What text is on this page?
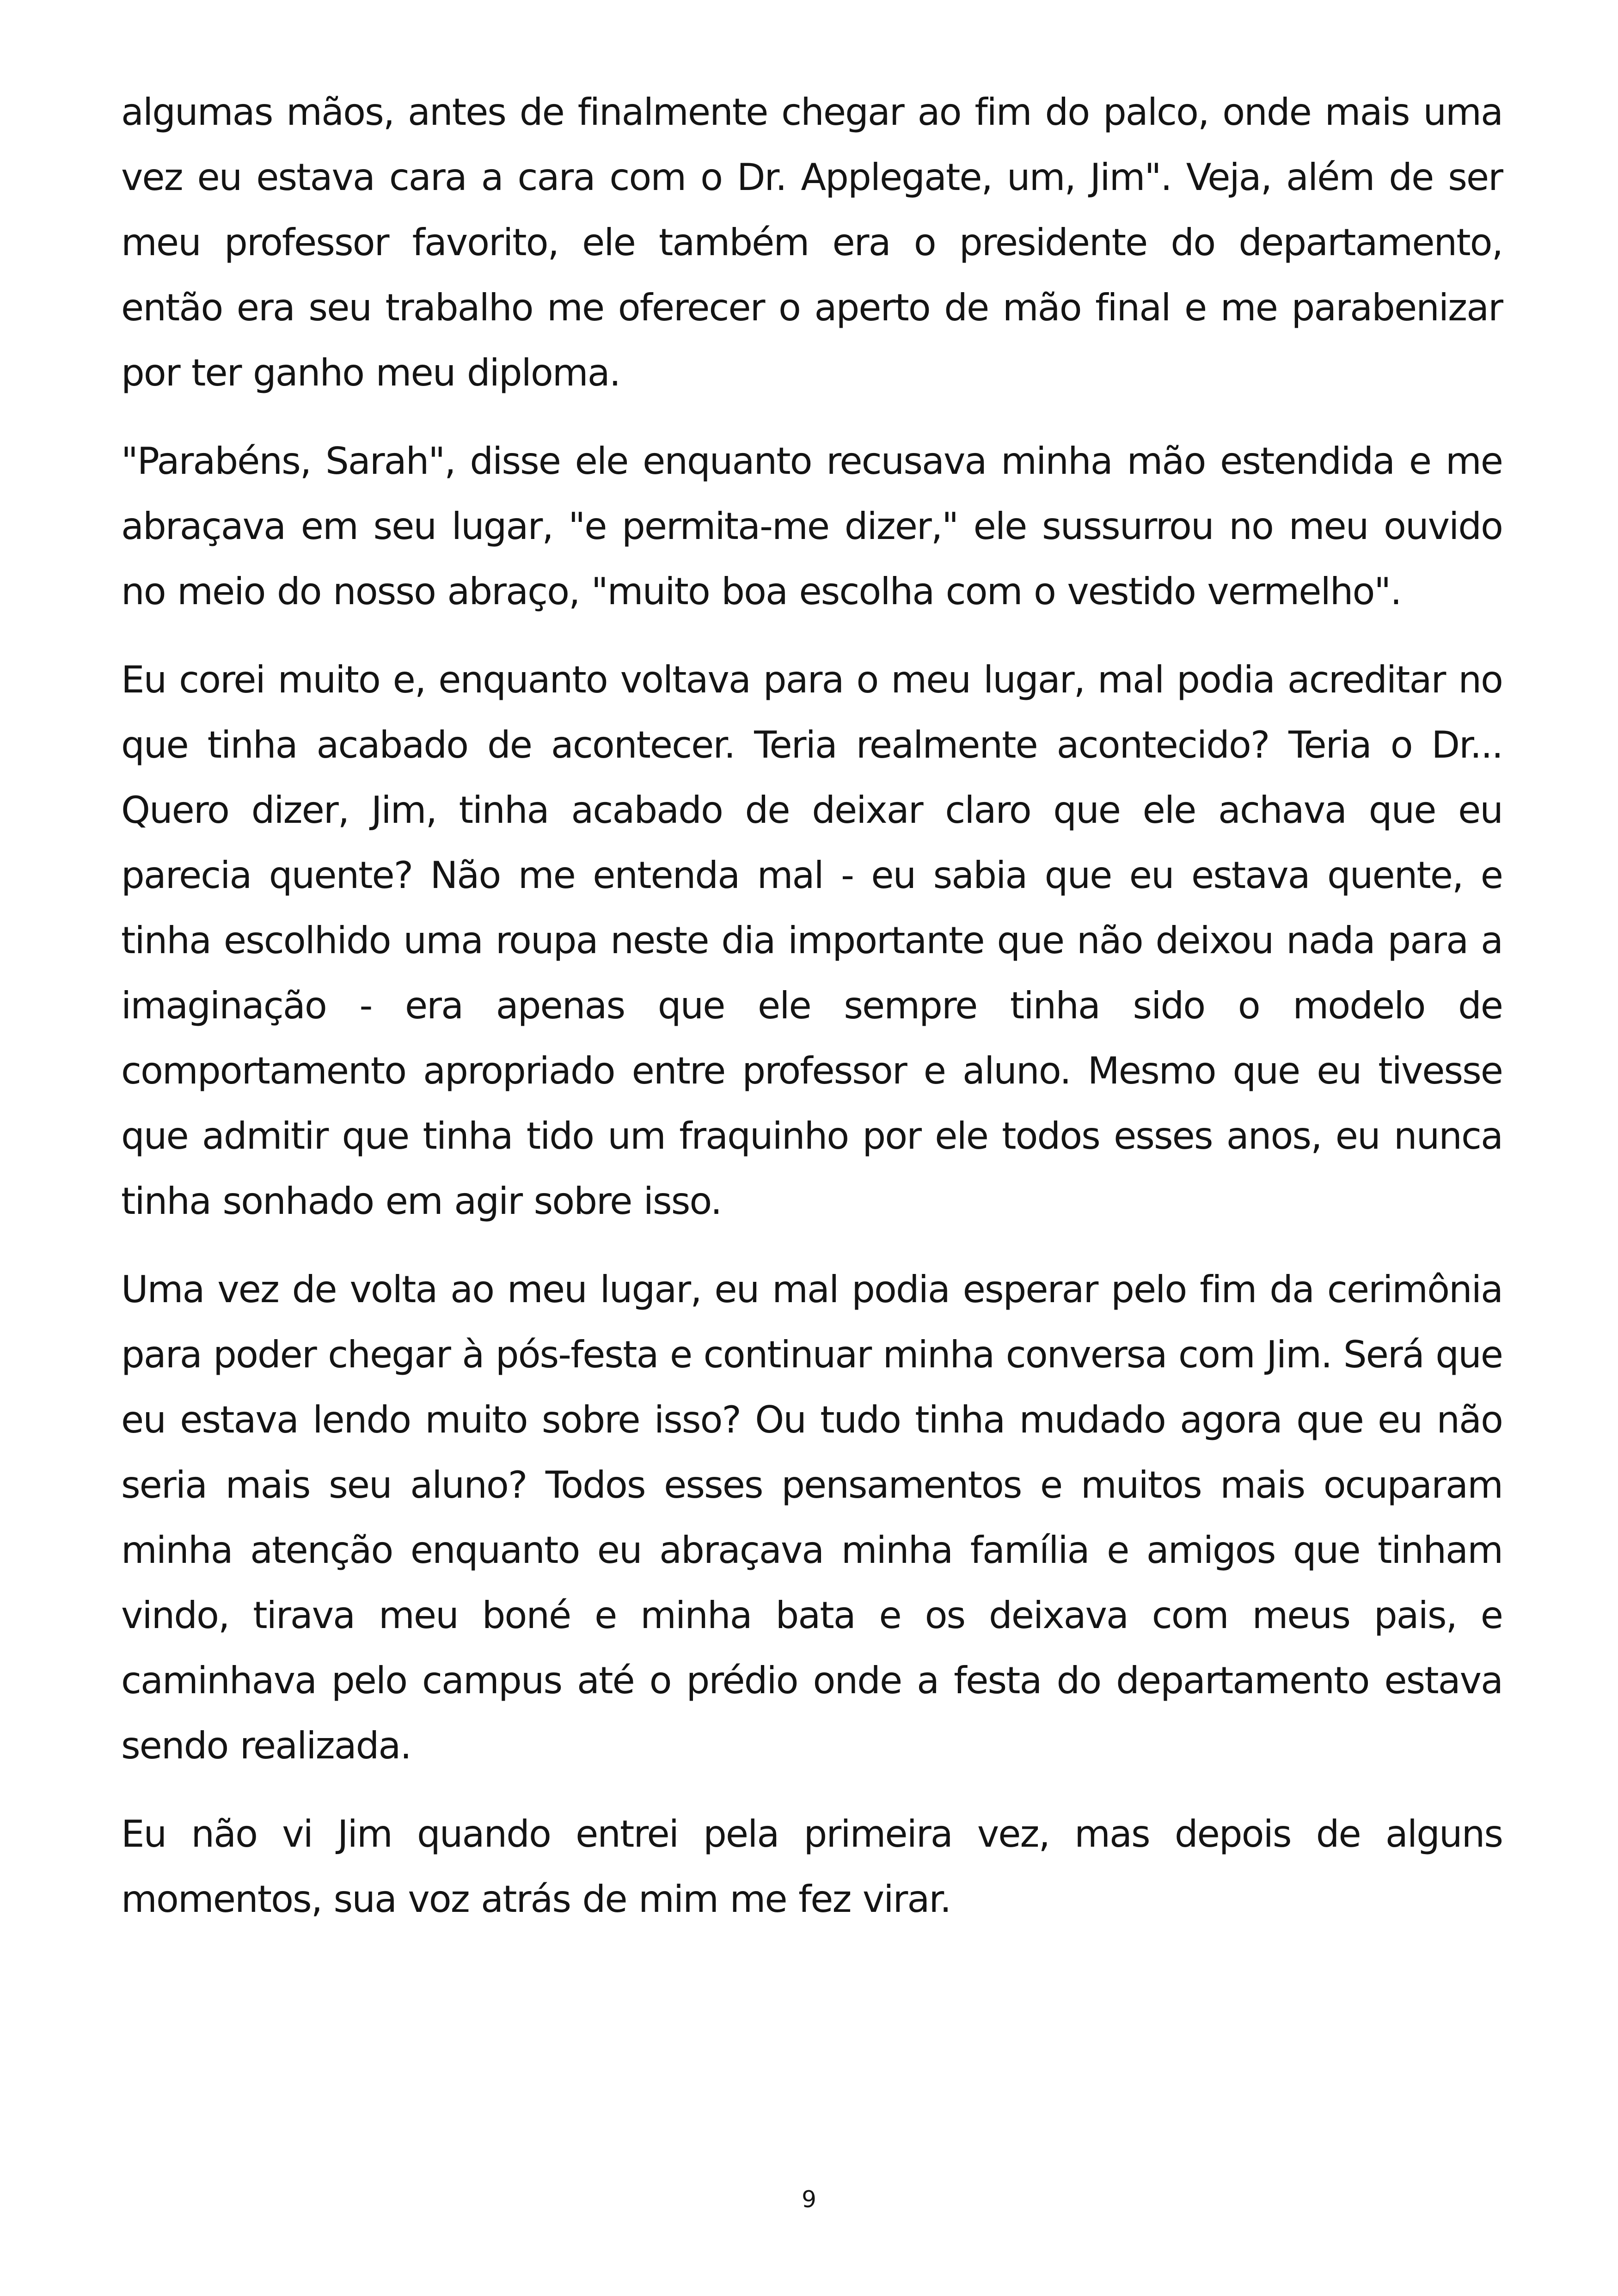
algumas mãos, antes de finalmente chegar ao fim do palco, onde mais uma vez eu estava cara a cara com o Dr. Applegate, um, Jim". Veja, além de ser meu professor favorito, ele também era o presidente do departamento, então era seu trabalho me oferecer o aperto de mão final e me parabenizar por ter ganho meu diploma.

"Parabéns, Sarah", disse ele enquanto recusava minha mão estendida e me abraçava em seu lugar, "e permita-me dizer," ele sussurrou no meu ouvido no meio do nosso abraço, "muito boa escolha com o vestido vermelho".

Eu corei muito e, enquanto voltava para o meu lugar, mal podia acreditar no que tinha acabado de acontecer. Teria realmente acontecido? Teria o Dr... Quero dizer, Jim, tinha acabado de deixar claro que ele achava que eu parecia quente? Não me entenda mal - eu sabia que eu estava quente, e tinha escolhido uma roupa neste dia importante que não deixou nada para a imaginação - era apenas que ele sempre tinha sido o modelo de comportamento apropriado entre professor e aluno. Mesmo que eu tivesse que admitir que tinha tido um fraquinho por ele todos esses anos, eu nunca tinha sonhado em agir sobre isso.

Uma vez de volta ao meu lugar, eu mal podia esperar pelo fim da cerimônia para poder chegar à pós-festa e continuar minha conversa com Jim. Será que eu estava lendo muito sobre isso? Ou tudo tinha mudado agora que eu não seria mais seu aluno? Todos esses pensamentos e muitos mais ocuparam minha atenção enquanto eu abraçava minha família e amigos que tinham vindo, tirava meu boné e minha bata e os deixava com meus pais, e caminhava pelo campus até o prédio onde a festa do departamento estava sendo realizada.

Eu não vi Jim quando entrei pela primeira vez, mas depois de alguns momentos, sua voz atrás de mim me fez virar.

9
